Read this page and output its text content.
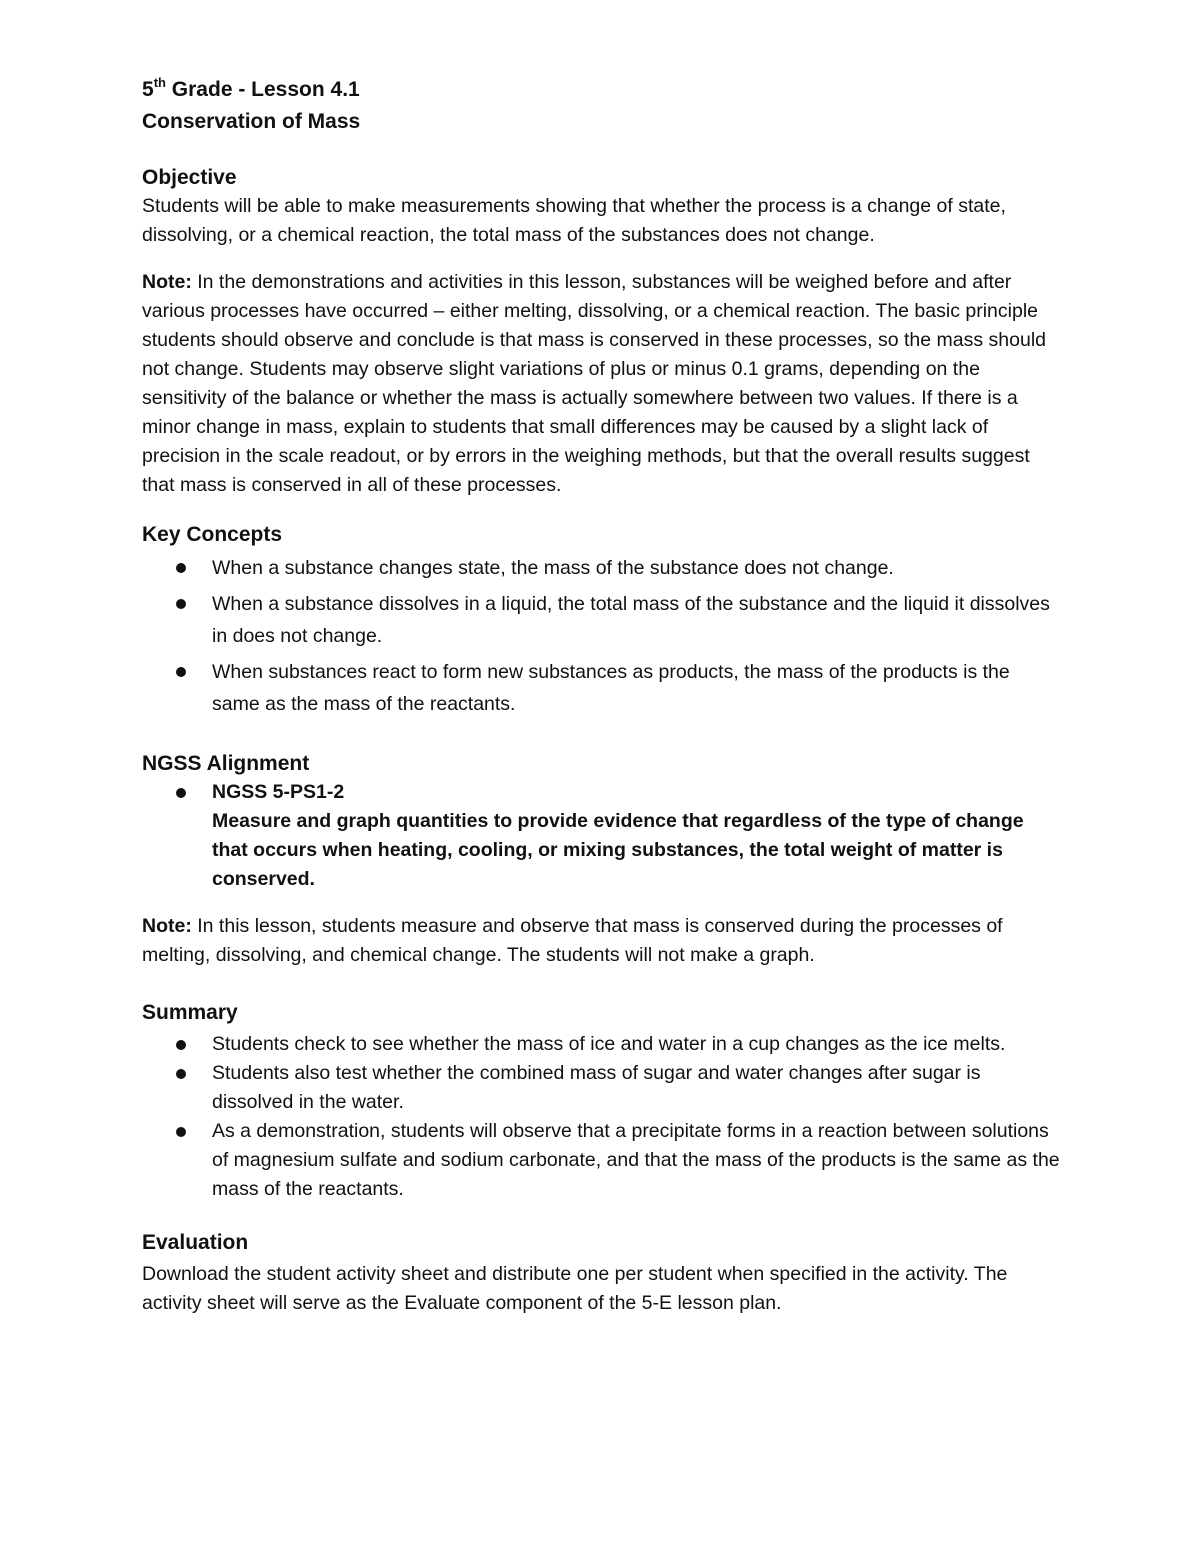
5th Grade - Lesson 4.1
Conservation of Mass
Objective

Students will be able to make measurements showing that whether the process is a change of state, dissolving, or a chemical reaction, the total mass of the substances does not change.

Note: In the demonstrations and activities in this lesson, substances will be weighed before and after various processes have occurred – either melting, dissolving, or a chemical reaction. The basic principle students should observe and conclude is that mass is conserved in these processes, so the mass should not change. Students may observe slight variations of plus or minus 0.1 grams, depending on the sensitivity of the balance or whether the mass is actually somewhere between two values. If there is a minor change in mass, explain to students that small differences may be caused by a slight lack of precision in the scale readout, or by errors in the weighing methods, but that the overall results suggest that mass is conserved in all of these processes.

Key Concepts
When a substance changes state, the mass of the substance does not change.
When a substance dissolves in a liquid, the total mass of the substance and the liquid it dissolves in does not change.
When substances react to form new substances as products, the mass of the products is the same as the mass of the reactants.
NGSS Alignment
NGSS 5-PS1-2
Measure and graph quantities to provide evidence that regardless of the type of change that occurs when heating, cooling, or mixing substances, the total weight of matter is conserved.

Note: In this lesson, students measure and observe that mass is conserved during the processes of melting, dissolving, and chemical change. The students will not make a graph.

Summary
Students check to see whether the mass of ice and water in a cup changes as the ice melts.
Students also test whether the combined mass of sugar and water changes after sugar is dissolved in the water.
As a demonstration, students will observe that a precipitate forms in a reaction between solutions of magnesium sulfate and sodium carbonate, and that the mass of the products is the same as the mass of the reactants.
Evaluation

Download the student activity sheet and distribute one per student when specified in the activity. The activity sheet will serve as the Evaluate component of the 5-E lesson plan.
